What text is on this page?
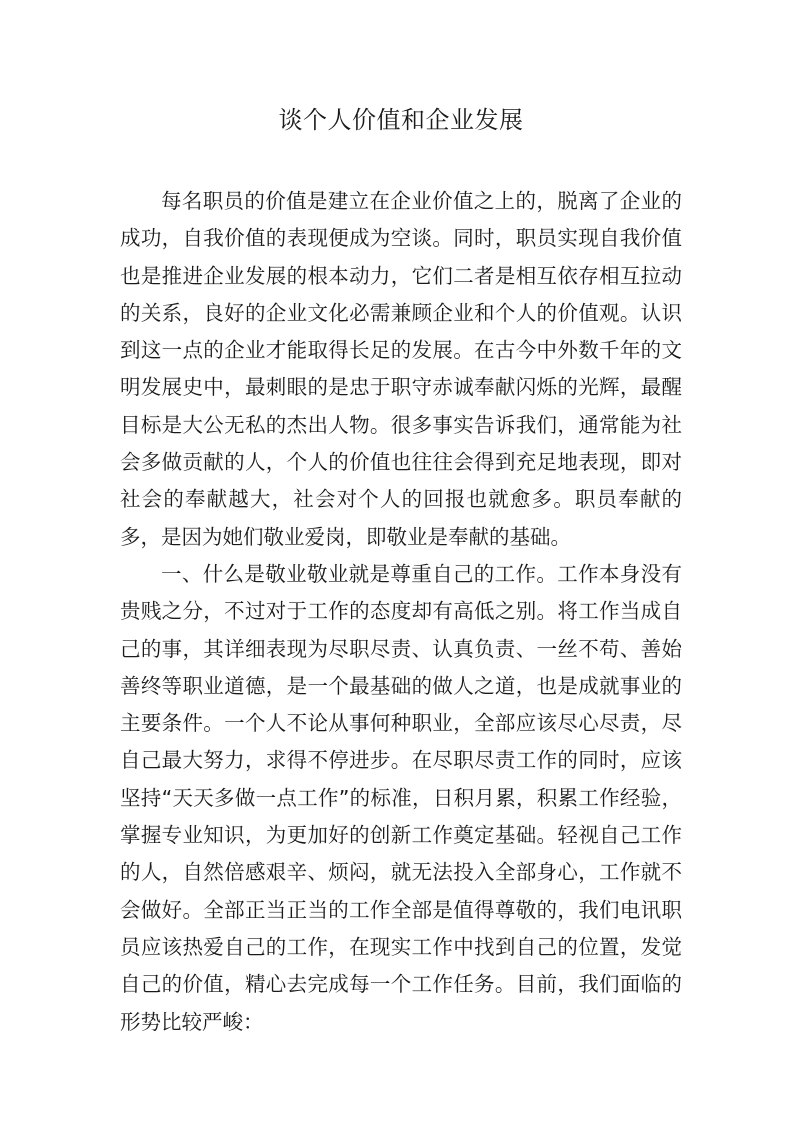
谈个人价值和企业发展

每名职员的价值是建立在企业价值之上的，脱离了企业的成功，自我价值的表现便成为空谈。同时，职员实现自我价值也是推进企业发展的根本动力，它们二者是相互依存相互拉动的关系，良好的企业文化必需兼顾企业和个人的价值观。认识到这一点的企业才能取得长足的发展。在古今中外数千年的文明发展史中，最刺眼的是忠于职守赤诚奉献闪烁的光辉，最醒目标是大公无私的杰出人物。很多事实告诉我们，通常能为社会多做贡献的人，个人的价值也往往会得到充足地表现，即对社会的奉献越大，社会对个人的回报也就愈多。职员奉献的多，是因为她们敬业爱岗，即敬业是奉献的基础。

一、什么是敬业敬业就是尊重自己的工作。工作本身没有贵贱之分，不过对于工作的态度却有高低之别。将工作当成自己的事，其详细表现为尽职尽责、认真负责、一丝不苟、善始善终等职业道德，是一个最基础的做人之道，也是成就事业的主要条件。一个人不论从事何种职业，全部应该尽心尽责，尽自己最大努力，求得不停进步。在尽职尽责工作的同时，应该坚持“天天多做一点工作”的标准，日积月累，积累工作经验，掌握专业知识，为更加好的创新工作奠定基础。轻视自己工作的人，自然倍感艰辛、烦闷，就无法投入全部身心，工作就不会做好。全部正当正当的工作全部是值得尊敬的，我们电讯职员应该热爱自己的工作，在现实工作中找到自己的位置，发觉自己的价值，精心去完成每一个工作任务。目前，我们面临的形势比较严峻：
